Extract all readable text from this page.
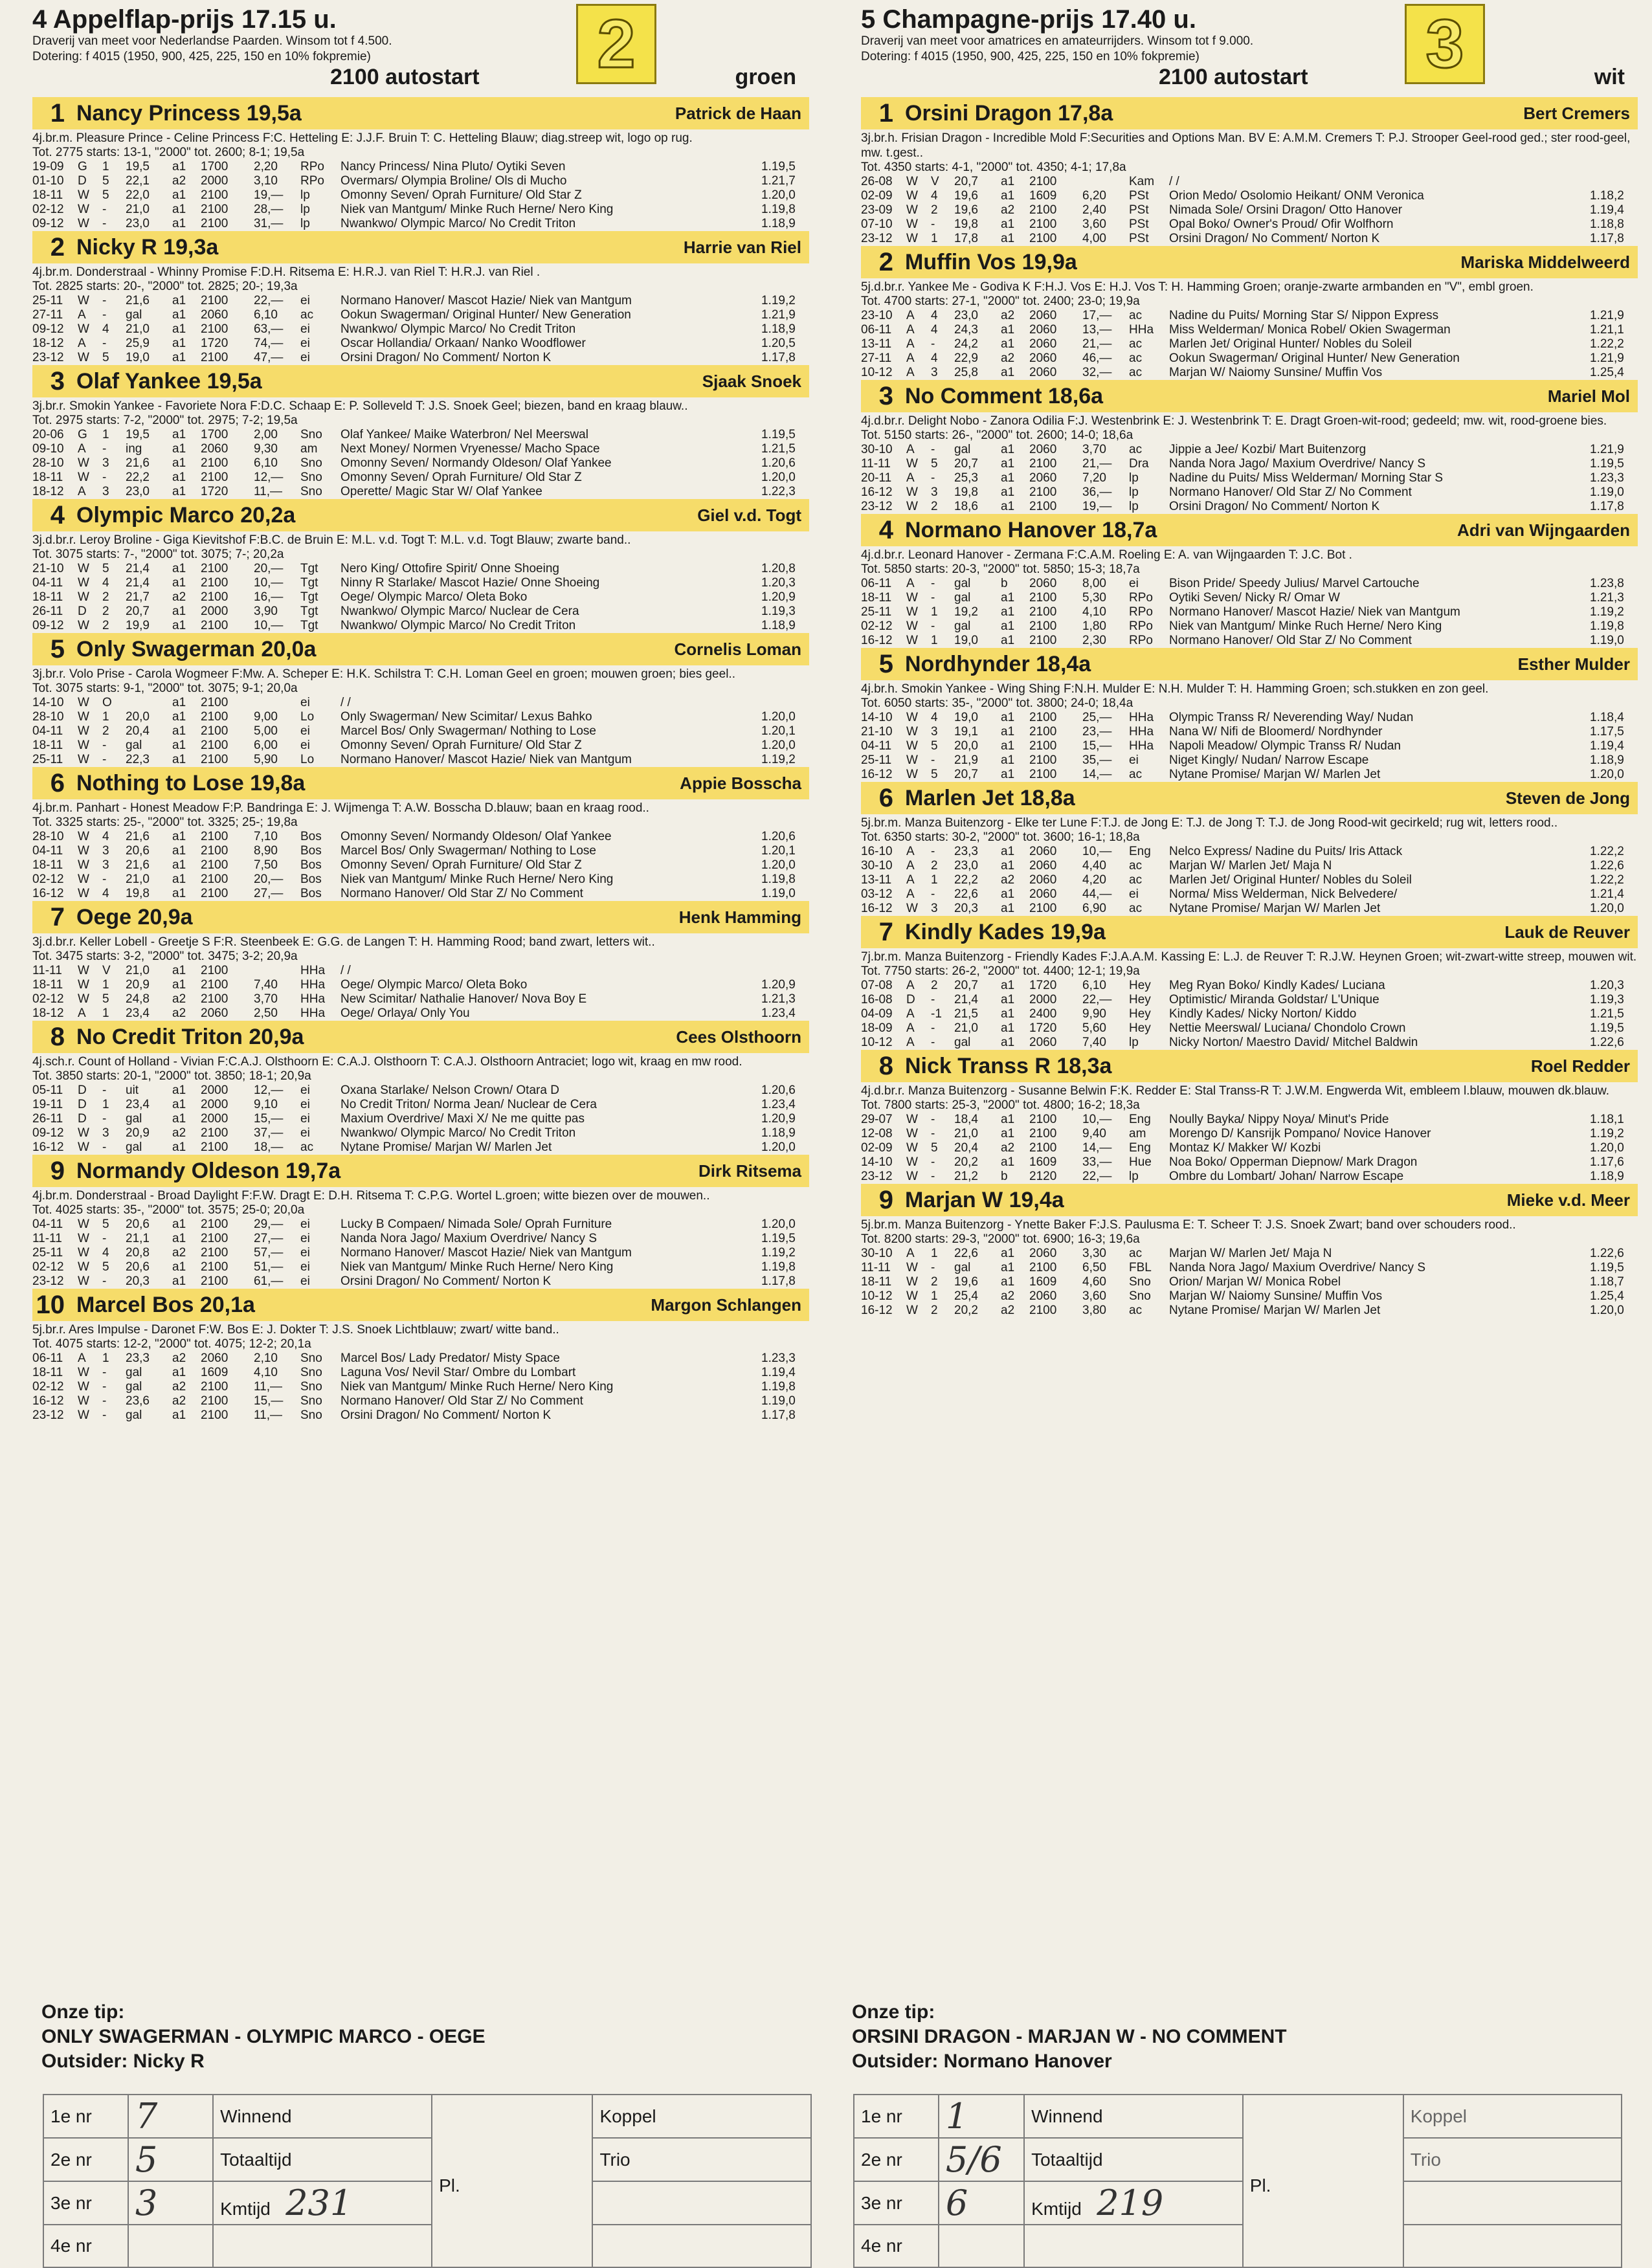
4 Appelflap-prijs 17.15 u.
Draverij van meet voor Nederlandse Paarden. Winsom tot f 4.500.
Dotering: f 4015 (1950, 900, 425, 225, 150 en 10% fokpremie)
2100 autostart	groen
2
1 Nancy Princess 19,5a	Patrick de Haan
4j.br.m. Pleasure Prince - Celine Princess F:C. Hetteling E: J.J.F. Bruin T: C. Hetteling Blauw; diag.streep wit, logo op rug.
Tot. 2775 starts: 13-1, "2000" tot. 2600; 8-1; 19,5a
19-09	G	1	19,5	a1	1700	2,20	RPo	Nancy Princess/ Nina Pluto/ Oytiki Seven	1.19,5
01-10	D	5	22,1	a2	2000	3,10	RPo	Overmars/ Olympia Broline/ Ols di Mucho	1.21,7
18-11	W	5	22,0	a1	2100	19,—	lp	Omonny Seven/ Oprah Furniture/ Old Star Z	1.20,0
02-12	W	-	21,0	a1	2100	28,—	lp	Niek van Mantgum/ Minke Ruch Herne/ Nero King	1.19,8
09-12	W	-	23,0	a1	2100	31,—	lp	Nwankwo/ Olympic Marco/ No Credit Triton	1.18,9
2 Nicky R 19,3a	Harrie van Riel
4j.br.m. Donderstraal - Whinny Promise F:D.H. Ritsema E: H.R.J. van Riel T: H.R.J. van Riel .
Tot. 2825 starts: 20-, "2000" tot. 2825; 20-; 19,3a
25-11	W	-	21,6	a1	2100	22,—	ei	Normano Hanover/ Mascot Hazie/ Niek van Mantgum	1.19,2
27-11	A	-	gal	a1	2060	6,10	ac	Ookun Swagerman/ Original Hunter/ New Generation	1.21,9
09-12	W	4	21,0	a1	2100	63,—	ei	Nwankwo/ Olympic Marco/ No Credit Triton	1.18,9
18-12	A	-	25,9	a1	1720	74,—	ei	Oscar Hollandia/ Orkaan/ Nanko Woodflower	1.20,5
23-12	W	5	19,0	a1	2100	47,—	ei	Orsini Dragon/ No Comment/ Norton K	1.17,8
3 Olaf Yankee 19,5a	Sjaak Snoek
3j.br.r. Smokin Yankee - Favoriete Nora F:D.C. Schaap E: P. Solleveld T: J.S. Snoek Geel; biezen, band en kraag blauw..
Tot. 2975 starts: 7-2, "2000" tot. 2975; 7-2; 19,5a
20-06	G	1	19,5	a1	1700	2,00	Sno	Olaf Yankee/ Maike Waterbron/ Nel Meerswal	1.19,5
09-10	A	-	ing	a1	2060	9,30	am	Next Money/ Normen Vryenesse/ Macho Space	1.21,5
28-10	W	3	21,6	a1	2100	6,10	Sno	Omonny Seven/ Normandy Oldeson/ Olaf Yankee	1.20,6
18-11	W	-	22,2	a1	2100	12,—	Sno	Omonny Seven/ Oprah Furniture/ Old Star Z	1.20,0
18-12	A	3	23,0	a1	1720	11,—	Sno	Operette/ Magic Star W/ Olaf Yankee	1.22,3
4 Olympic Marco 20,2a	Giel v.d. Togt
3j.d.br.r. Leroy Broline - Giga Kievitshof F:B.C. de Bruin E: M.L. v.d. Togt T: M.L. v.d. Togt Blauw; zwarte band..
Tot. 3075 starts: 7-, "2000" tot. 3075; 7-; 20,2a
21-10	W	5	21,4	a1	2100	20,—	Tgt	Nero King/ Ottofire Spirit/ Onne Shoeing	1.20,8
04-11	W	4	21,4	a1	2100	10,—	Tgt	Ninny R Starlake/ Mascot Hazie/ Onne Shoeing	1.20,3
18-11	W	2	21,7	a2	2100	16,—	Tgt	Oege/ Olympic Marco/ Oleta Boko	1.20,9
26-11	D	2	20,7	a1	2000	3,90	Tgt	Nwankwo/ Olympic Marco/ Nuclear de Cera	1.19,3
09-12	W	2	19,9	a1	2100	10,—	Tgt	Nwankwo/ Olympic Marco/ No Credit Triton	1.18,9
5 Only Swagerman 20,0a	Cornelis Loman
3j.br.r. Volo Prise - Carola Wogmeer F:Mw. A. Scheper E: H.K. Schilstra T: C.H. Loman Geel en groen; mouwen groen; bies geel..
Tot. 3075 starts: 9-1, "2000" tot. 3075; 9-1; 20,0a
14-10	W	O		a1	2100		ei	/ /	
28-10	W	1	20,0	a1	2100	9,00	Lo	Only Swagerman/ New Scimitar/ Lexus Bahko	1.20,0
04-11	W	2	20,4	a1	2100	5,00	ei	Marcel Bos/ Only Swagerman/ Nothing to Lose	1.20,1
18-11	W	-	gal	a1	2100	6,00	ei	Omonny Seven/ Oprah Furniture/ Old Star Z	1.20,0
25-11	W	-	22,3	a1	2100	5,90	Lo	Normano Hanover/ Mascot Hazie/ Niek van Mantgum	1.19,2
6 Nothing to Lose 19,8a	Appie Bosscha
4j.br.m. Panhart - Honest Meadow F:P. Bandringa E: J. Wijmenga T: A.W. Bosscha D.blauw; baan en kraag rood..
Tot. 3325 starts: 25-, "2000" tot. 3325; 25-; 19,8a
28-10	W	4	21,6	a1	2100	7,10	Bos	Omonny Seven/ Normandy Oldeson/ Olaf Yankee	1.20,6
04-11	W	3	20,6	a1	2100	8,90	Bos	Marcel Bos/ Only Swagerman/ Nothing to Lose	1.20,1
18-11	W	3	21,6	a1	2100	7,50	Bos	Omonny Seven/ Oprah Furniture/ Old Star Z	1.20,0
02-12	W	-	21,0	a1	2100	20,—	Bos	Niek van Mantgum/ Minke Ruch Herne/ Nero King	1.19,8
16-12	W	4	19,8	a1	2100	27,—	Bos	Normano Hanover/ Old Star Z/ No Comment	1.19,0
7 Oege 20,9a	Henk Hamming
3j.d.br.r. Keller Lobell - Greetje S F:R. Steenbeek E: G.G. de Langen T: H. Hamming Rood; band zwart, letters wit..
Tot. 3475 starts: 3-2, "2000" tot. 3475; 3-2; 20,9a
11-11	W	V	21,0	a1	2100		HHa	/ /	
18-11	W	1	20,9	a1	2100	7,40	HHa	Oege/ Olympic Marco/ Oleta Boko	1.20,9
02-12	W	5	24,8	a2	2100	3,70	HHa	New Scimitar/ Nathalie Hanover/ Nova Boy E	1.21,3
18-12	A	1	23,4	a2	2060	2,50	HHa	Oege/ Orlaya/ Only You	1.23,4
8 No Credit Triton 20,9a	Cees Olsthoorn
4j.sch.r. Count of Holland - Vivian F:C.A.J. Olsthoorn E: C.A.J. Olsthoorn T: C.A.J. Olsthoorn Antraciet; logo wit, kraag en mw rood.
Tot. 3850 starts: 20-1, "2000" tot. 3850; 18-1; 20,9a
05-11	D	-	uit	a1	2000	12,—	ei	Oxana Starlake/ Nelson Crown/ Otara D	1.20,6
19-11	D	1	23,4	a1	2000	9,10	ei	No Credit Triton/ Norma Jean/ Nuclear de Cera	1.23,4
26-11	D	-	gal	a1	2000	15,—	ei	Maxium Overdrive/ Maxi X/ Ne me quitte pas	1.20,9
09-12	W	3	20,9	a2	2100	37,—	ei	Nwankwo/ Olympic Marco/ No Credit Triton	1.18,9
16-12	W	-	gal	a1	2100	18,—	ac	Nytane Promise/ Marjan W/ Marlen Jet	1.20,0
9 Normandy Oldeson 19,7a	Dirk Ritsema
4j.br.m. Donderstraal - Broad Daylight F:F.W. Dragt E: D.H. Ritsema T: C.P.G. Wortel L.groen; witte biezen over de mouwen..
Tot. 4025 starts: 35-, "2000" tot. 3575; 25-0; 20,0a
04-11	W	5	20,6	a1	2100	29,—	ei	Lucky B Compaen/ Nimada Sole/ Oprah Furniture	1.20,0
11-11	W	-	21,1	a1	2100	27,—	ei	Nanda Nora Jago/ Maxium Overdrive/ Nancy S	1.19,5
25-11	W	4	20,8	a2	2100	57,—	ei	Normano Hanover/ Mascot Hazie/ Niek van Mantgum	1.19,2
02-12	W	5	20,6	a1	2100	51,—	ei	Niek van Mantgum/ Minke Ruch Herne/ Nero King	1.19,8
23-12	W	-	20,3	a1	2100	61,—	ei	Orsini Dragon/ No Comment/ Norton K	1.17,8
10 Marcel Bos 20,1a	Margon Schlangen
5j.br.r. Ares Impulse - Daronet F:W. Bos E: J. Dokter T: J.S. Snoek Lichtblauw; zwart/ witte band..
Tot. 4075 starts: 12-2, "2000" tot. 4075; 12-2; 20,1a
06-11	A	1	23,3	a2	2060	2,10	Sno	Marcel Bos/ Lady Predator/ Misty Space	1.23,3
18-11	W	-	gal	a1	1609	4,10	Sno	Laguna Vos/ Nevil Star/ Ombre du Lombart	1.19,4
02-12	W	-	gal	a2	2100	11,—	Sno	Niek van Mantgum/ Minke Ruch Herne/ Nero King	1.19,8
16-12	W	-	23,6	a2	2100	15,—	Sno	Normano Hanover/ Old Star Z/ No Comment	1.19,0
23-12	W	-	gal	a1	2100	11,—	Sno	Orsini Dragon/ No Comment/ Norton K	1.17,8
5 Champagne-prijs 17.40 u.
Draverij van meet voor amatrices en amateurrijders. Winsom tot f 9.000.
Dotering: f 4015 (1950, 900, 425, 225, 150 en 10% fokpremie)
2100 autostart	wit
3
1 Orsini Dragon 17,8a	Bert Cremers
3j.br.h. Frisian Dragon - Incredible Mold F:Securities and Options Man. BV E: A.M.M. Cremers T: P.J. Strooper Geel-rood ged.; ster rood-geel, mw. t.gest..
Tot. 4350 starts: 4-1, "2000" tot. 4350; 4-1; 17,8a
26-08	W	V	20,7	a1	2100		Kam	/ /	
02-09	W	4	19,6	a1	1609	6,20	PSt	Orion Medo/ Osolomio Heikant/ ONM Veronica	1.18,2
23-09	W	2	19,6	a2	2100	2,40	PSt	Nimada Sole/ Orsini Dragon/ Otto Hanover	1.19,4
07-10	W	-	19,8	a1	2100	3,60	PSt	Opal Boko/ Owner's Proud/ Ofir Wolfhorn	1.18,8
23-12	W	1	17,8	a1	2100	4,00	PSt	Orsini Dragon/ No Comment/ Norton K	1.17,8
2 Muffin Vos 19,9a	Mariska Middelweerd
5j.d.br.r. Yankee Me - Godiva K F:H.J. Vos E: H.J. Vos T: H. Hamming Groen; oranje-zwarte armbanden en "V", embl groen.
Tot. 4700 starts: 27-1, "2000" tot. 2400; 23-0; 19,9a
23-10	A	4	23,0	a2	2060	17,—	ac	Nadine du Puits/ Morning Star S/ Nippon Express	1.21,9
06-11	A	4	24,3	a1	2060	13,—	HHa	Miss Welderman/ Monica Robel/ Okien Swagerman	1.21,1
13-11	A	-	24,2	a1	2060	21,—	ac	Marlen Jet/ Original Hunter/ Nobles du Soleil	1.22,2
27-11	A	4	22,9	a2	2060	46,—	ac	Ookun Swagerman/ Original Hunter/ New Generation	1.21,9
10-12	A	3	25,8	a1	2060	32,—	ac	Marjan W/ Naiomy Sunsine/ Muffin Vos	1.25,4
3 No Comment 18,6a	Mariel Mol
4j.d.br.r. Delight Nobo - Zanora Odilia F:J. Westenbrink E: J. Westenbrink T: E. Dragt Groen-wit-rood; gedeeld; mw. wit, rood-groene bies.
Tot. 5150 starts: 26-, "2000" tot. 2600; 14-0; 18,6a
30-10	A	-	gal	a1	2060	3,70	ac	Jippie a Jee/ Kozbi/ Mart Buitenzorg	1.21,9
11-11	W	5	20,7	a1	2100	21,—	Dra	Nanda Nora Jago/ Maxium Overdrive/ Nancy S	1.19,5
20-11	A	-	25,3	a1	2060	7,20	lp	Nadine du Puits/ Miss Welderman/ Morning Star S	1.23,3
16-12	W	3	19,8	a1	2100	36,—	lp	Normano Hanover/ Old Star Z/ No Comment	1.19,0
23-12	W	2	18,6	a1	2100	19,—	lp	Orsini Dragon/ No Comment/ Norton K	1.17,8
4 Normano Hanover 18,7a	Adri van Wijngaarden
4j.d.br.r. Leonard Hanover - Zermana F:C.A.M. Roeling E: A. van Wijngaarden T: J.C. Bot .
Tot. 5850 starts: 20-3, "2000" tot. 5850; 15-3; 18,7a
06-11	A	-	gal	b	2060	8,00	ei	Bison Pride/ Speedy Julius/ Marvel Cartouche	1.23,8
18-11	W	-	gal	a1	2100	5,30	RPo	Oytiki Seven/ Nicky R/ Omar W	1.21,3
25-11	W	1	19,2	a1	2100	4,10	RPo	Normano Hanover/ Mascot Hazie/ Niek van Mantgum	1.19,2
02-12	W	-	gal	a1	2100	1,80	RPo	Niek van Mantgum/ Minke Ruch Herne/ Nero King	1.19,8
16-12	W	1	19,0	a1	2100	2,30	RPo	Normano Hanover/ Old Star Z/ No Comment	1.19,0
5 Nordhynder 18,4a	Esther Mulder
4j.br.h. Smokin Yankee - Wing Shing F:N.H. Mulder E: N.H. Mulder T: H. Hamming Groen; sch.stukken en zon geel.
Tot. 6050 starts: 35-, "2000" tot. 3800; 24-0; 18,4a
14-10	W	4	19,0	a1	2100	25,—	HHa	Olympic Transs R/ Neverending Way/ Nudan	1.18,4
21-10	W	3	19,1	a1	2100	23,—	HHa	Nana W/ Nifi de Bloomerd/ Nordhynder	1.17,5
04-11	W	5	20,0	a1	2100	15,—	HHa	Napoli Meadow/ Olympic Transs R/ Nudan	1.19,4
25-11	W	-	21,9	a1	2100	35,—	ei	Niget Kingly/ Nudan/ Narrow Escape	1.18,9
16-12	W	5	20,7	a1	2100	14,—	ac	Nytane Promise/ Marjan W/ Marlen Jet	1.20,0
6 Marlen Jet 18,8a	Steven de Jong
5j.br.m. Manza Buitenzorg - Elke ter Lune F:T.J. de Jong E: T.J. de Jong T: T.J. de Jong Rood-wit gecirkeld; rug wit, letters rood..
Tot. 6350 starts: 30-2, "2000" tot. 3600; 16-1; 18,8a
16-10	A	-	23,3	a1	2060	10,—	Eng	Nelco Express/ Nadine du Puits/ Iris Attack	1.22,2
30-10	A	2	23,0	a1	2060	4,40	ac	Marjan W/ Marlen Jet/ Maja N	1.22,6
13-11	A	1	22,2	a2	2060	4,20	ac	Marlen Jet/ Original Hunter/ Nobles du Soleil	1.22,2
03-12	A	-	22,6	a1	2060	44,—	ei	Norma/ Miss Welderman, Nick Belvedere/	1.21,4
16-12	W	3	20,3	a1	2100	6,90	ac	Nytane Promise/ Marjan W/ Marlen Jet	1.20,0
7 Kindly Kades 19,9a	Lauk de Reuver
7j.br.m. Manza Buitenzorg - Friendly Kades F:J.A.A.M. Kassing E: L.J. de Reuver T: R.J.W. Heynen Groen; wit-zwart-witte streep, mouwen wit.
Tot. 7750 starts: 26-2, "2000" tot. 4400; 12-1; 19,9a
07-08	A	2	20,7	a1	1720	6,10	Hey	Meg Ryan Boko/ Kindly Kades/ Luciana	1.20,3
16-08	D	-	21,4	a1	2000	22,—	Hey	Optimistic/ Miranda Goldstar/ L'Unique	1.19,3
04-09	A	-1	21,5	a1	2400	9,90	Hey	Kindly Kades/ Nicky Norton/ Kiddo	1.21,5
18-09	A	-	21,0	a1	1720	5,60	Hey	Nettie Meerswal/ Luciana/ Chondolo Crown	1.19,5
10-12	A	-	gal	a1	2060	7,40	lp	Nicky Norton/ Maestro David/ Mitchel Baldwin	1.22,6
8 Nick Transs R 18,3a	Roel Redder
4j.d.br.r. Manza Buitenzorg - Susanne Belwin F:K. Redder E: Stal Transs-R T: J.W.M. Engwerda Wit, embleem l.blauw, mouwen dk.blauw.
Tot. 7800 starts: 25-3, "2000" tot. 4800; 16-2; 18,3a
29-07	W	-	18,4	a1	2100	10,—	Eng	Noully Bayka/ Nippy Noya/ Minut's Pride	1.18,1
12-08	W	-	21,0	a1	2100	9,40	am	Morengo D/ Kansrijk Pompano/ Novice Hanover	1.19,2
02-09	W	5	20,4	a2	2100	14,—	Eng	Montaz K/ Makker W/ Kozbi	1.20,0
14-10	W	-	20,2	a1	1609	33,—	Hue	Noa Boko/ Opperman Diepnow/ Mark Dragon	1.17,6
23-12	W	-	21,2	b	2120	22,—	lp	Ombre du Lombart/ Johan/ Narrow Escape	1.18,9
9 Marjan W 19,4a	Mieke v.d. Meer
5j.br.m. Manza Buitenzorg - Ynette Baker F:J.S. Paulusma E: T. Scheer T: J.S. Snoek Zwart; band over schouders rood..
Tot. 8200 starts: 29-3, "2000" tot. 6900; 16-3; 19,6a
30-10	A	1	22,6	a1	2060	3,30	ac	Marjan W/ Marlen Jet/ Maja N	1.22,6
11-11	W	-	gal	a1	2100	6,50	FBL	Nanda Nora Jago/ Maxium Overdrive/ Nancy S	1.19,5
18-11	W	2	19,6	a1	1609	4,60	Sno	Orion/ Marjan W/ Monica Robel	1.18,7
10-12	W	1	25,4	a2	2060	3,60	Sno	Marjan W/ Naiomy Sunsine/ Muffin Vos	1.25,4
16-12	W	2	20,2	a2	2100	3,80	ac	Nytane Promise/ Marjan W/ Marlen Jet	1.20,0
Onze tip:
ONLY SWAGERMAN - OLYMPIC MARCO - OEGE
Outsider: Nicky R
Onze tip:
ORSINI DRAGON - MARJAN W - NO COMMENT
Outsider: Normano Hanover
1e nr	7	Winnend	Pl.	Koppel
2e nr	5	Totaaltijd		Trio
3e nr	3	Kmtijd 231		
4e nr				
1e nr	1	Winnend	Pl.	Koppel
2e nr	5/6	Totaaltijd		Trio
3e nr	6	Kmtijd 219		
4e nr				
